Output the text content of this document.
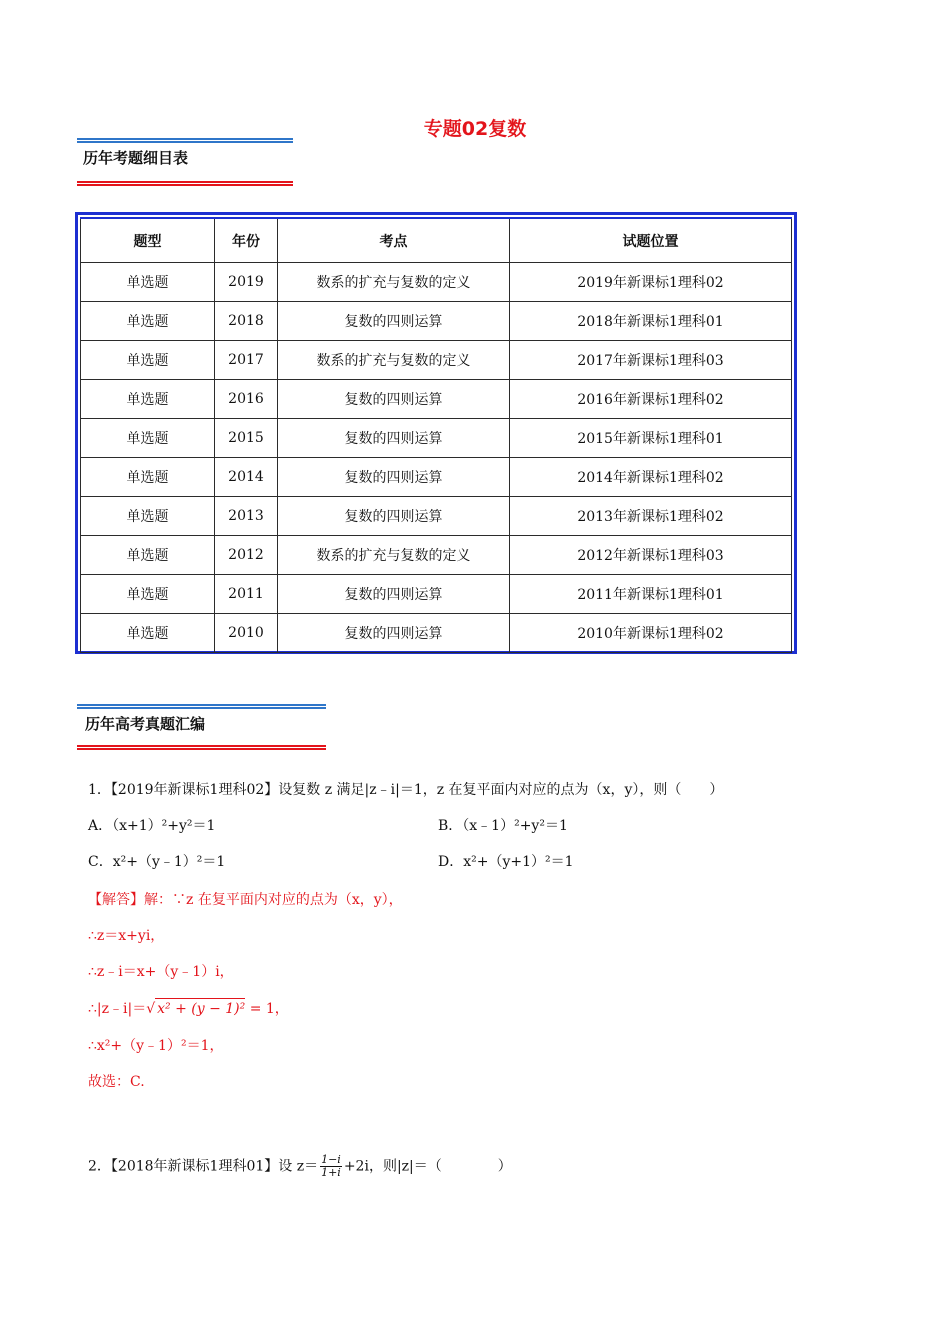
专题02复数
历年考题细目表
题型	年份	考点	试题位置
单选题	2019	数系的扩充与复数的定义	2019年新课标1理科02
单选题	2018	复数的四则运算	2018年新课标1理科01
单选题	2017	数系的扩充与复数的定义	2017年新课标1理科03
单选题	2016	复数的四则运算	2016年新课标1理科02
单选题	2015	复数的四则运算	2015年新课标1理科01
单选题	2014	复数的四则运算	2014年新课标1理科02
单选题	2013	复数的四则运算	2013年新课标1理科02
单选题	2012	数系的扩充与复数的定义	2012年新课标1理科03
单选题	2011	复数的四则运算	2011年新课标1理科01
单选题	2010	复数的四则运算	2010年新课标1理科02
历年高考真题汇编
1．【2019年新课标1理科02】设复数 z 满足|z﹣i|＝1，z 在复平面内对应的点为（x，y），则（　　）
A．（x+1）²+y²＝1	B．（x﹣1）²+y²＝1
C．x²+（y﹣1）²＝1	D．x²+（y+1）²＝1
【解答】解：∵z 在复平面内对应的点为（x，y），
∴z＝x+yi，
∴z﹣i＝x+（y﹣1）i，
∴|z﹣i|＝√ x² + (y − 1)² = 1，
∴x²+（y﹣1）²＝1，
故选：C.
2．【2018年新课标1理科01】设 $z= \frac{1-i}{1+i} +2i$，则|z|＝（　　　　）
